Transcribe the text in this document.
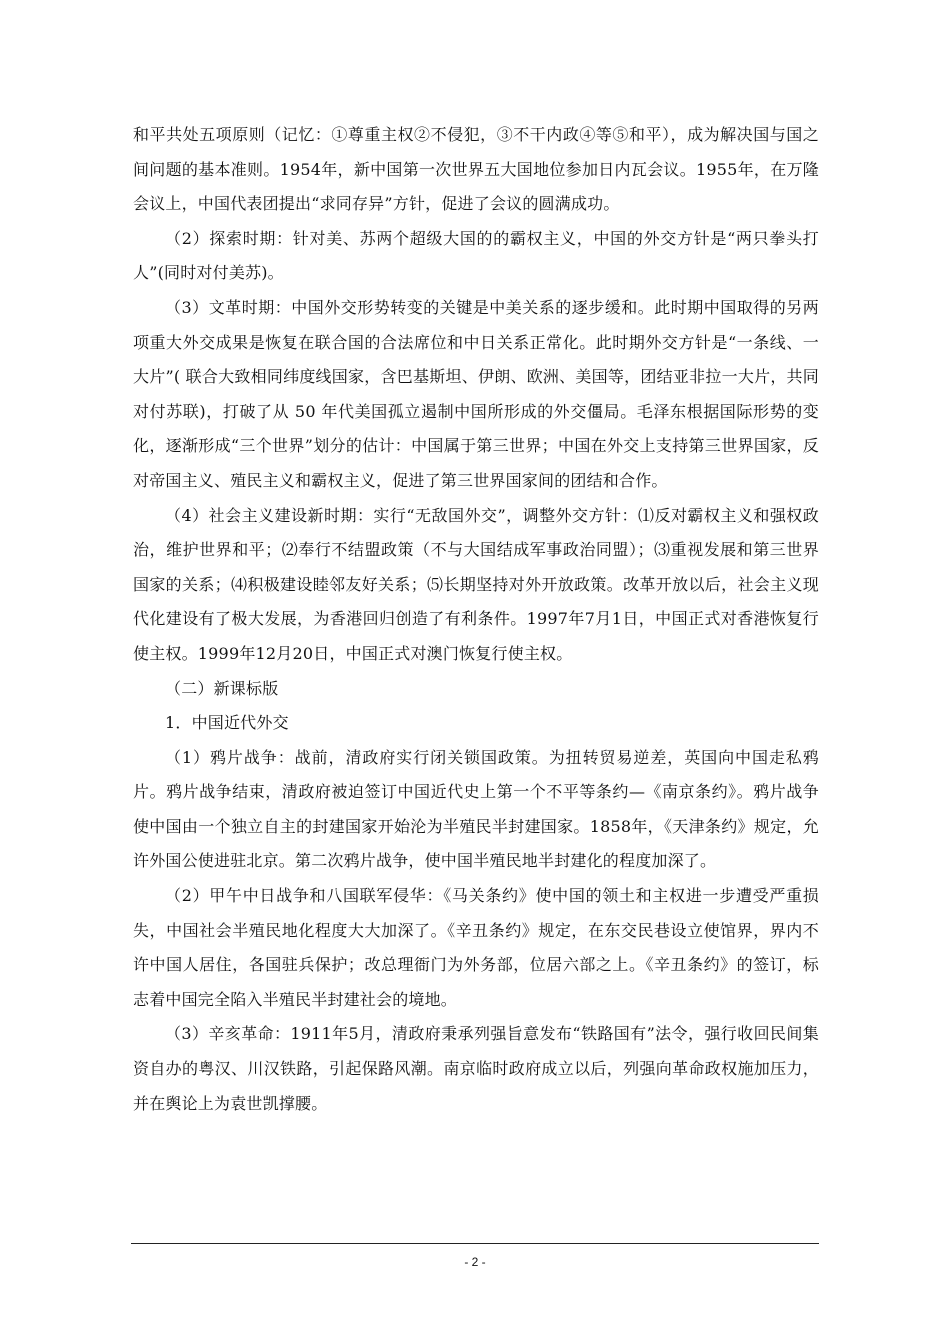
和平共处五项原则（记忆：①尊重主权②不侵犯，③不干内政④等⑤和平），成为解决国与国之间问题的基本准则。1954年，新中国第一次世界五大国地位参加日内瓦会议。1955年，在万隆会议上，中国代表团提出“求同存异”方针，促进了会议的圆满成功。

（2）探索时期：针对美、苏两个超级大国的的霸权主义，中国的外交方针是“两只拳头打人”(同时对付美苏)。

（3）文革时期：中国外交形势转变的关键是中美关系的逐步缓和。此时期中国取得的另两项重大外交成果是恢复在联合国的合法席位和中日关系正常化。此时期外交方针是“一条线、一大片”( 联合大致相同纬度线国家，含巴基斯坦、伊朗、欧洲、美国等，团结亚非拉一大片，共同对付苏联)，打破了从 50 年代美国孤立遏制中国所形成的外交僵局。毛泽东根据国际形势的变化，逐渐形成“三个世界”划分的估计：中国属于第三世界；中国在外交上支持第三世界国家，反对帝国主义、殖民主义和霸权主义，促进了第三世界国家间的团结和合作。

（4）社会主义建设新时期：实行“无敌国外交”，调整外交方针：⑴反对霸权主义和强权政治，维护世界和平；⑵奉行不结盟政策（不与大国结成军事政治同盟）；⑶重视发展和第三世界国家的关系；⑷积极建设睦邻友好关系；⑸长期坚持对外开放政策。改革开放以后，社会主义现代化建设有了极大发展，为香港回归创造了有利条件。1997年7月1日，中国正式对香港恢复行使主权。1999年12月20日，中国正式对澳门恢复行使主权。

（二）新课标版

1．中国近代外交

（1）鸦片战争：战前，清政府实行闭关锁国政策。为扭转贸易逆差，英国向中国走私鸦片。鸦片战争结束，清政府被迫签订中国近代史上第一个不平等条约—《南京条约》。鸦片战争使中国由一个独立自主的封建国家开始沦为半殖民半封建国家。1858年，《天津条约》规定，允许外国公使进驻北京。第二次鸦片战争，使中国半殖民地半封建化的程度加深了。

（2）甲午中日战争和八国联军侵华：《马关条约》使中国的领土和主权进一步遭受严重损失，中国社会半殖民地化程度大大加深了。《辛丑条约》规定，在东交民巷设立使馆界，界内不许中国人居住，各国驻兵保护；改总理衙门为外务部，位居六部之上。《辛丑条约》的签订，标志着中国完全陷入半殖民半封建社会的境地。

（3）辛亥革命：1911年5月，清政府秉承列强旨意发布“铁路国有”法令，强行收回民间集资自办的粤汉、川汉铁路，引起保路风潮。南京临时政府成立以后，列强向革命政权施加压力，并在舆论上为袁世凯撑腰。

- 2 -
